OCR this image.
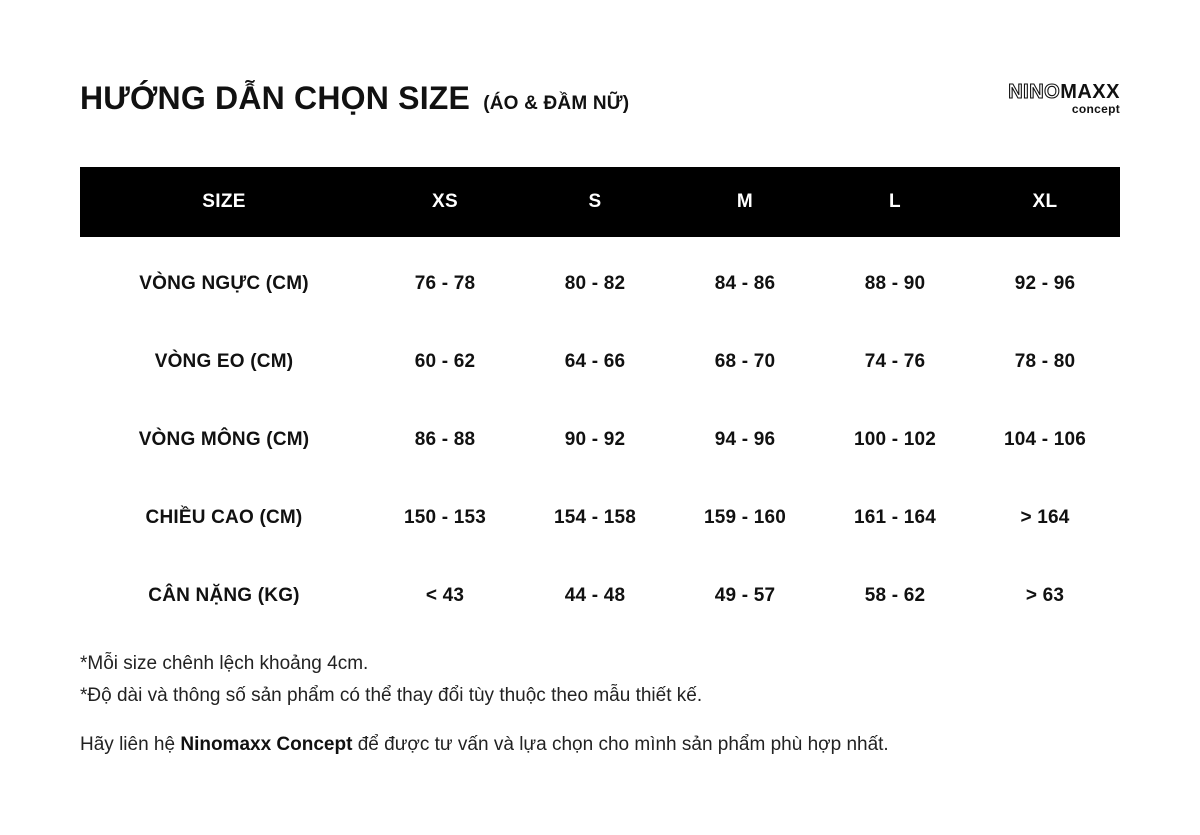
HƯỚNG DẪN CHỌN SIZE (ÁO & ĐẦM NỮ)
NINOMAXX
concept
SIZE	XS	S	M	L	XL
VÒNG NGỰC (CM)	76 - 78	80 - 82	84 - 86	88 - 90	92 - 96
VÒNG EO (CM)	60 - 62	64 - 66	68 - 70	74 - 76	78 - 80
VÒNG MÔNG (CM)	86 - 88	90 - 92	94 - 96	100 - 102	104 - 106
CHIỀU CAO (CM)	150 - 153	154 - 158	159 - 160	161 - 164	> 164
CÂN NẶNG (KG)	< 43	44 - 48	49 - 57	58 - 62	> 63

*Mỗi size chênh lệch khoảng 4cm.

*Độ dài và thông số sản phẩm có thể thay đổi tùy thuộc theo mẫu thiết kế.

Hãy liên hệ Ninomaxx Concept để được tư vấn và lựa chọn cho mình sản phẩm phù hợp nhất.
